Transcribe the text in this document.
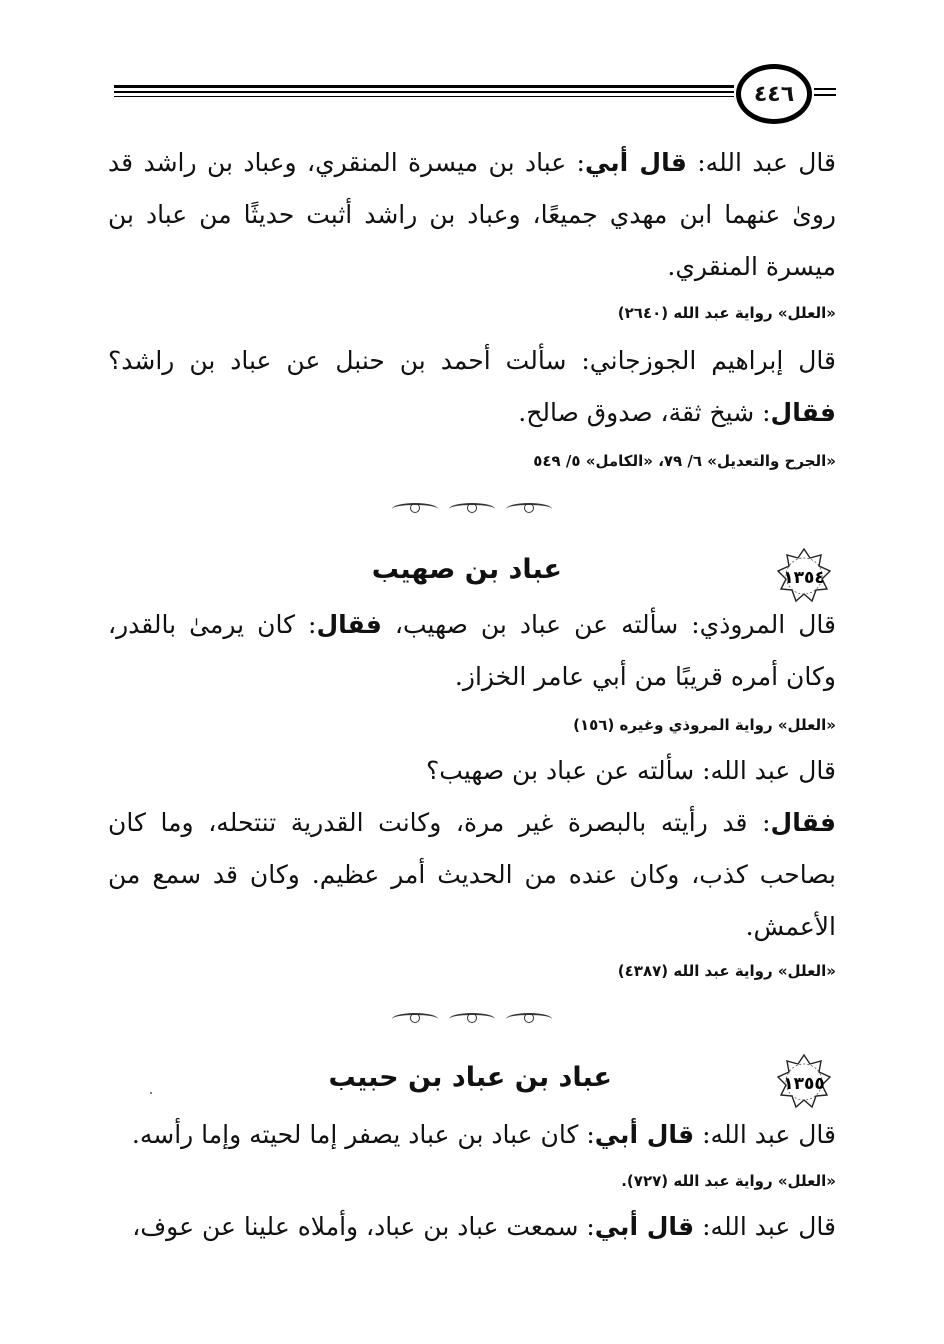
٤٤٦
قال عبد الله: قال أبي: عباد بن ميسرة المنقري، وعباد بن راشد قد
رویٰ عنهما ابن مهدي جميعًا، وعباد بن راشد أثبت حديثًا من عباد بن
ميسرة المنقري.
«العلل» رواية عبد الله (٢٦٤٠)
قال إبراهيم الجوزجاني: سألت أحمد بن حنبل عن عباد بن راشد؟
فقال: شيخ ثقة، صدوق صالح.
«الجرح والتعديل» ٦/ ٧٩، «الكامل» ٥/ ٥٤٩
١٣٥٤
عباد بن صهيب
قال المروذي: سألته عن عباد بن صهيب، فقال: كان يرمىٰ بالقدر،
وكان أمره قريبًا من أبي عامر الخزاز.
«العلل» رواية المروذي وغيره (١٥٦)
قال عبد الله: سألته عن عباد بن صهيب؟
فقال: قد رأيته بالبصرة غير مرة، وكانت القدرية تنتحله، وما كان
بصاحب كذب، وكان عنده من الحديث أمر عظيم. وكان قد سمع من
الأعمش.
«العلل» رواية عبد الله (٤٣٨٧)
١٣٥٥
عباد بن عباد بن حبيب
قال عبد الله: قال أبي: كان عباد بن عباد يصفر إما لحيته وإما رأسه.
«العلل» رواية عبد الله (٧٢٧).
قال عبد الله: قال أبي: سمعت عباد بن عباد، وأملاه علينا عن عوف،
